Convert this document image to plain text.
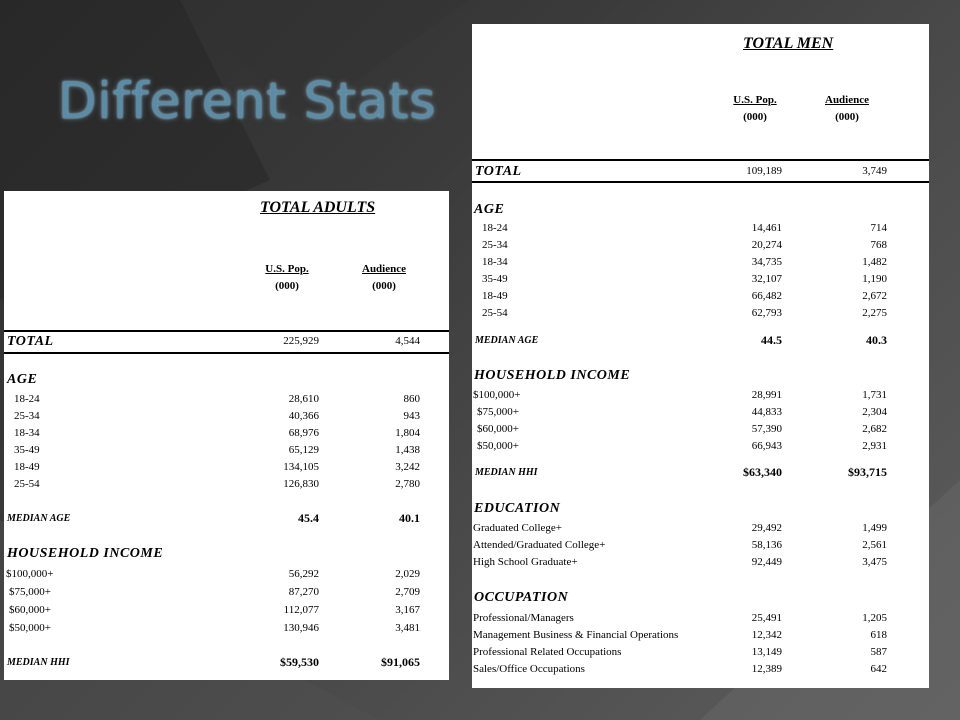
Different Stats
TOTAL ADULTS
U.S. Pop.
(000)
Audience
(000)
TOTAL	225,929	4,544
AGE
18-24	28,610	860
25-34	40,366	943
18-34	68,976	1,804
35-49	65,129	1,438
18-49	134,105	3,242
25-54	126,830	2,780
MEDIAN AGE	45.4	40.1
HOUSEHOLD INCOME
$100,000+	56,292	2,029
$75,000+	87,270	2,709
$60,000+	112,077	3,167
$50,000+	130,946	3,481
MEDIAN HHI	$59,530	$91,065
TOTAL MEN
U.S. Pop.
(000)
Audience
(000)
TOTAL	109,189	3,749
AGE
18-24	14,461	714
25-34	20,274	768
18-34	34,735	1,482
35-49	32,107	1,190
18-49	66,482	2,672
25-54	62,793	2,275
MEDIAN AGE	44.5	40.3
HOUSEHOLD INCOME
$100,000+	28,991	1,731
$75,000+	44,833	2,304
$60,000+	57,390	2,682
$50,000+	66,943	2,931
MEDIAN HHI	$63,340	$93,715
EDUCATION
Graduated College+	29,492	1,499
Attended/Graduated College+	58,136	2,561
High School Graduate+	92,449	3,475
OCCUPATION
Professional/Managers	25,491	1,205
Management Business & Financial Operations	12,342	618
Professional Related Occupations	13,149	587
Sales/Office Occupations	12,389	642
